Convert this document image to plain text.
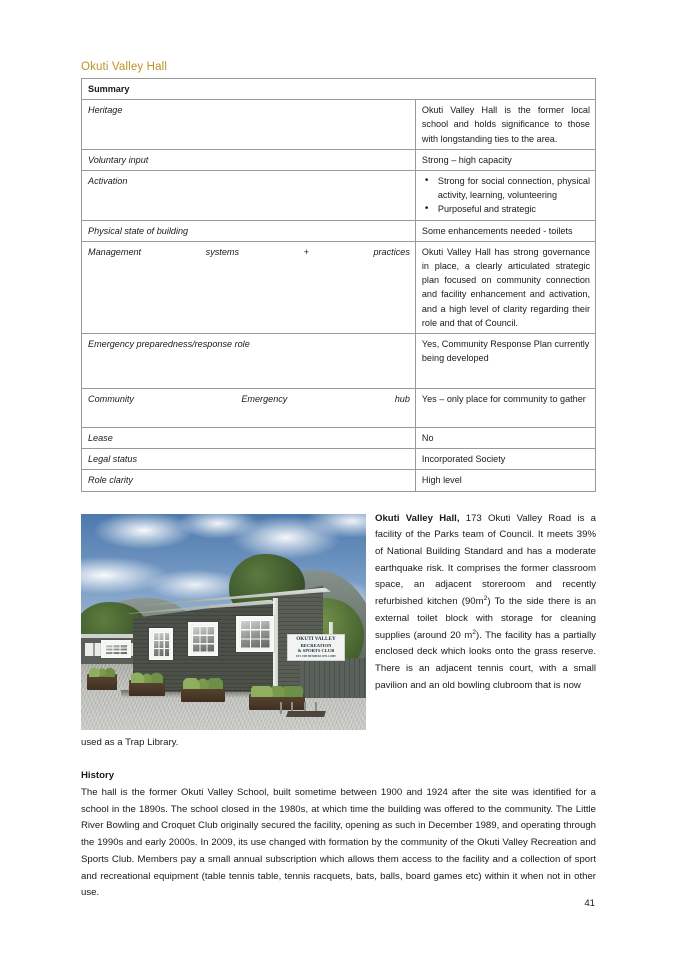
Okuti Valley Hall
Summary	
Heritage	Okuti Valley Hall is the former local school and holds significance to those with longstanding ties to the area.
Voluntary input	Strong – high capacity
Activation	
•Strong for social connection, physical activity, learning, volunteering
• Purposeful and strategic

Physical state of building	Some enhancements needed - toilets
Management systems + practices	Okuti Valley Hall has strong governance in place, a clearly articulated strategic plan focused on community connection and facility enhancement and activation, and a high level of clarity regarding their role and that of Council.
Emergency preparedness/response role	Yes, Community Response Plan currently being developed
Community Emergency hub	Yes – only place for community to gather
Lease	No
Legal status	Incorporated Society
Role clarity	High level
OKUTI VALLEY
RECREATION
& SPORTS CLUB
EST. 1989 MEMBERS WELCOME

Okuti Valley Hall, 173 Okuti Valley Road is a facility of the Parks team of Council. It meets 39% of National Building Standard and has a moderate earthquake risk. It comprises the former classroom space, an adjacent storeroom and recently refurbished kitchen $(90m^2)$ To the side there is an external toilet block with storage for cleaning supplies (around 20 $m^2$). The facility has a partially enclosed deck which looks onto the grass reserve. There is an adjacent tennis court, with a small pavilion and an old bowling clubroom that is now

used as a Trap Library.

History

The hall is the former Okuti Valley School, built sometime between 1900 and 1924 after the site was identified for a school in the 1890s. The school closed in the 1980s, at which time the building was offered to the community. The Little River Bowling and Croquet Club originally secured the facility, opening as such in December 1989, and operating through the 1990s and early 2000s. In 2009, its use changed with formation by the community of the Okuti Valley Recreation and Sports Club. Members pay a small annual subscription which allows them access to the facility and a collection of sport and recreational equipment (table tennis table, tennis racquets, bats, balls, board games etc) within it when not in other use.

41
